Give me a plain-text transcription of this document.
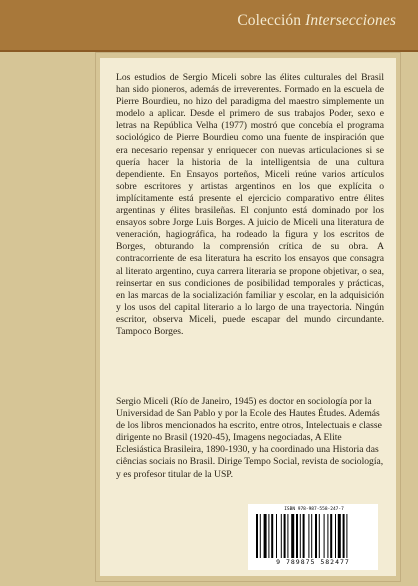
Colección Intersecciones

Los estudios de Sergio Miceli sobre las élites culturales del Brasil han sido pioneros, además de irreverentes. Formado en la escuela de Pierre Bourdieu, no hizo del paradigma del maestro simplemente un modelo a aplicar. Desde el primero de sus trabajos Poder, sexo e letras na República Velha (1977) mostró que concebía el programa sociológico de Pierre Bourdieu como una fuente de inspiración que era necesario repensar y enriquecer con nuevas articulaciones si se quería hacer la historia de la intelligentsia de una cultura dependiente. En Ensayos porteños, Miceli reúne varios artículos sobre escritores y artistas argentinos en los que explícita o implícitamente está presente el ejercicio comparativo entre élites argentinas y élites brasileñas. El conjunto está dominado por los ensayos sobre Jorge Luis Borges. A juicio de Miceli una literatura de veneración, hagiográfica, ha rodeado la figura y los escritos de Borges, obturando la comprensión crítica de su obra. A contracorriente de esa literatura ha escrito los ensayos que consagra al literato argentino, cuya carrera literaria se propone objetivar, o sea, reinsertar en sus condiciones de posibilidad temporales y prácticas, en las marcas de la socialización familiar y escolar, en la adquisición y los usos del capital literario a lo largo de una trayectoria. Ningún escritor, observa Miceli, puede escapar del mundo circundante. Tampoco Borges.

Sergio Miceli (Río de Janeiro, 1945) es doctor en sociología por la Universidad de San Pablo y por la Ecole des Hautes Études. Además de los libros mencionados ha escrito, entre otros, Intelectuais e classe dirigente no Brasil (1920-45), Imagens negociadas, A Elite Eclesiástica Brasileira, 1890-1930, y ha coordinado una Historia das ciências sociais no Brasil. Dirige Tempo Social, revista de sociología, y es profesor titular de la USP.
ISBN 978-987-558-247-7
9 789875 582477
